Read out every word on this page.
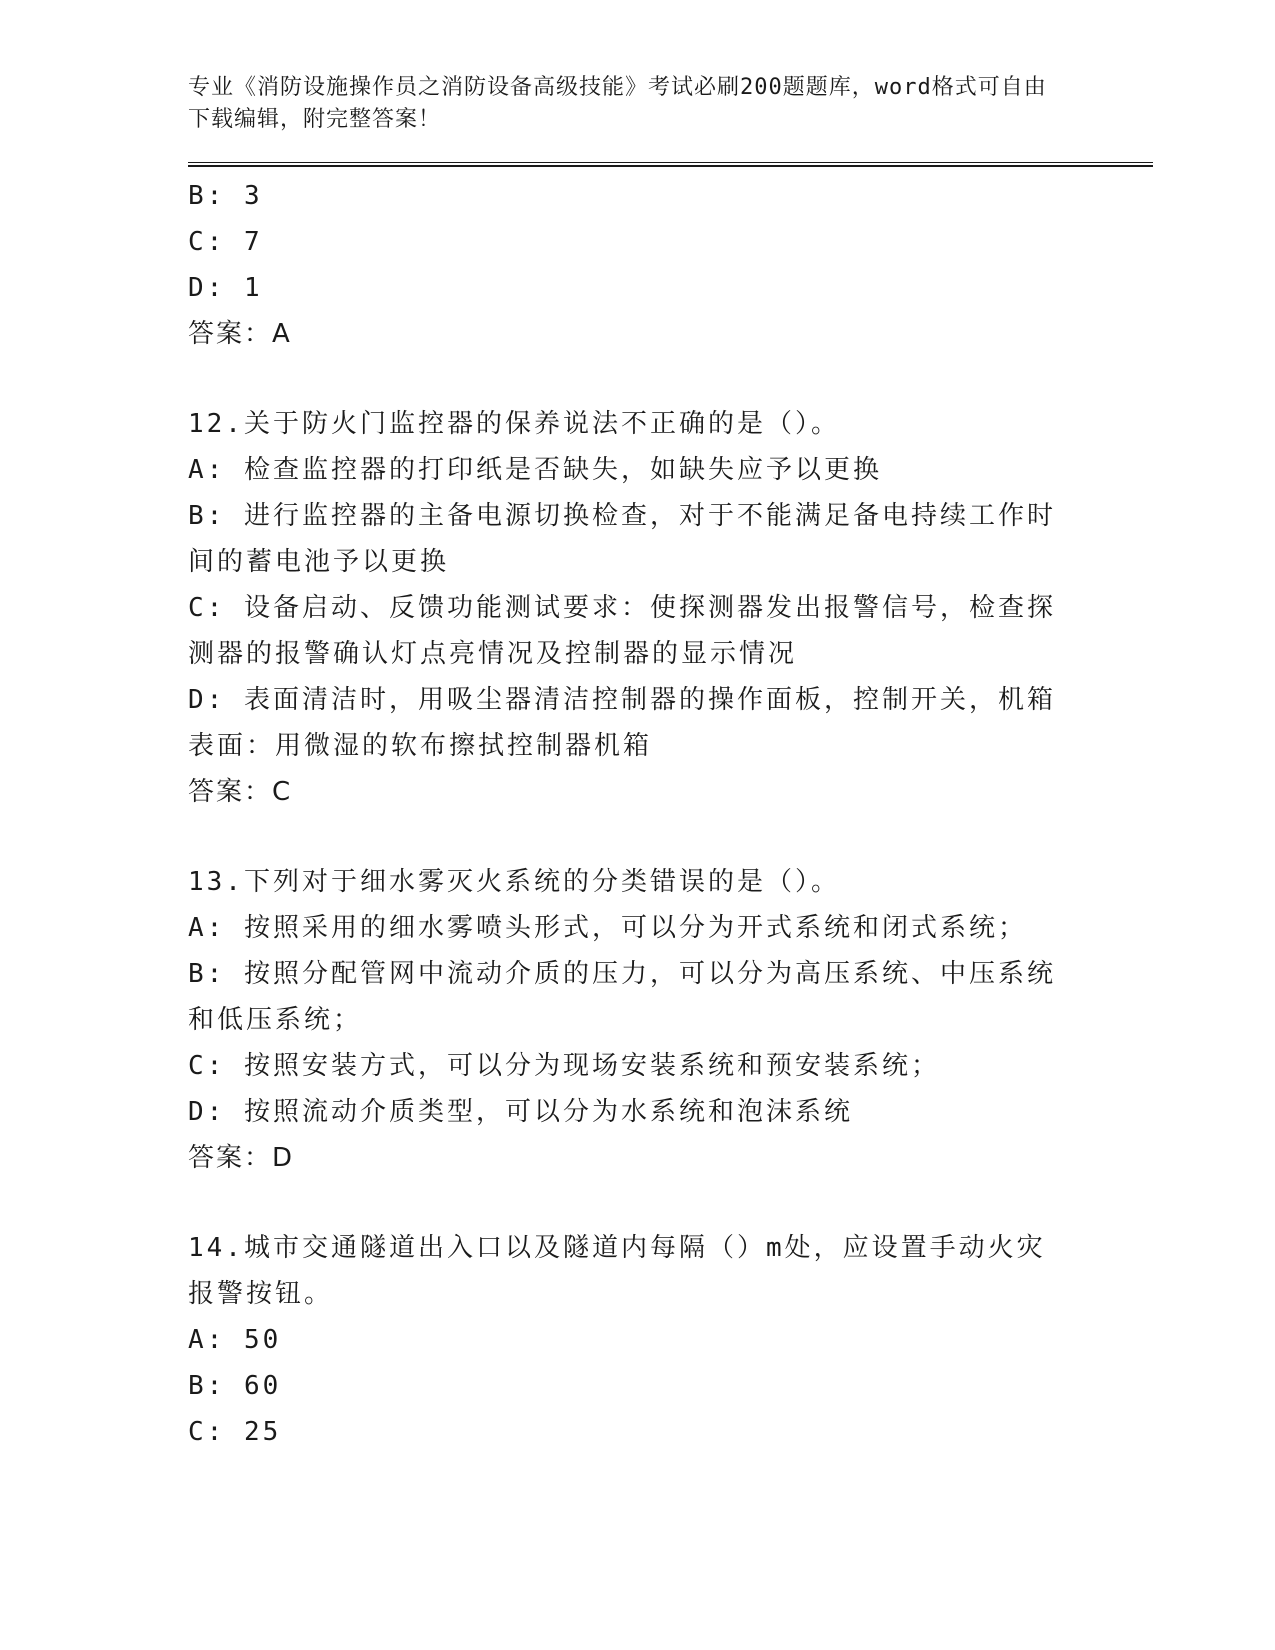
专业《消防设施操作员之消防设备高级技能》考试必刷200题题库，word格式可自由下载编辑，附完整答案！
B: 3
C: 7
D: 1
答案：A
12.关于防火门监控器的保养说法不正确的是（）。
A: 检查监控器的打印纸是否缺失，如缺失应予以更换
B: 进行监控器的主备电源切换检查，对于不能满足备电持续工作时间的蓄电池予以更换
C: 设备启动、反馈功能测试要求：使探测器发出报警信号，检查探测器的报警确认灯点亮情况及控制器的显示情况
D: 表面清洁时，用吸尘器清洁控制器的操作面板，控制开关，机箱表面：用微湿的软布擦拭控制器机箱
答案：C
13.下列对于细水雾灭火系统的分类错误的是（）。
A: 按照采用的细水雾喷头形式，可以分为开式系统和闭式系统；
B: 按照分配管网中流动介质的压力，可以分为高压系统、中压系统和低压系统；
C: 按照安装方式，可以分为现场安装系统和预安装系统；
D: 按照流动介质类型，可以分为水系统和泡沫系统
答案：D
14.城市交通隧道出入口以及隧道内每隔（）m处，应设置手动火灾报警按钮。
A: 50
B: 60
C: 25
